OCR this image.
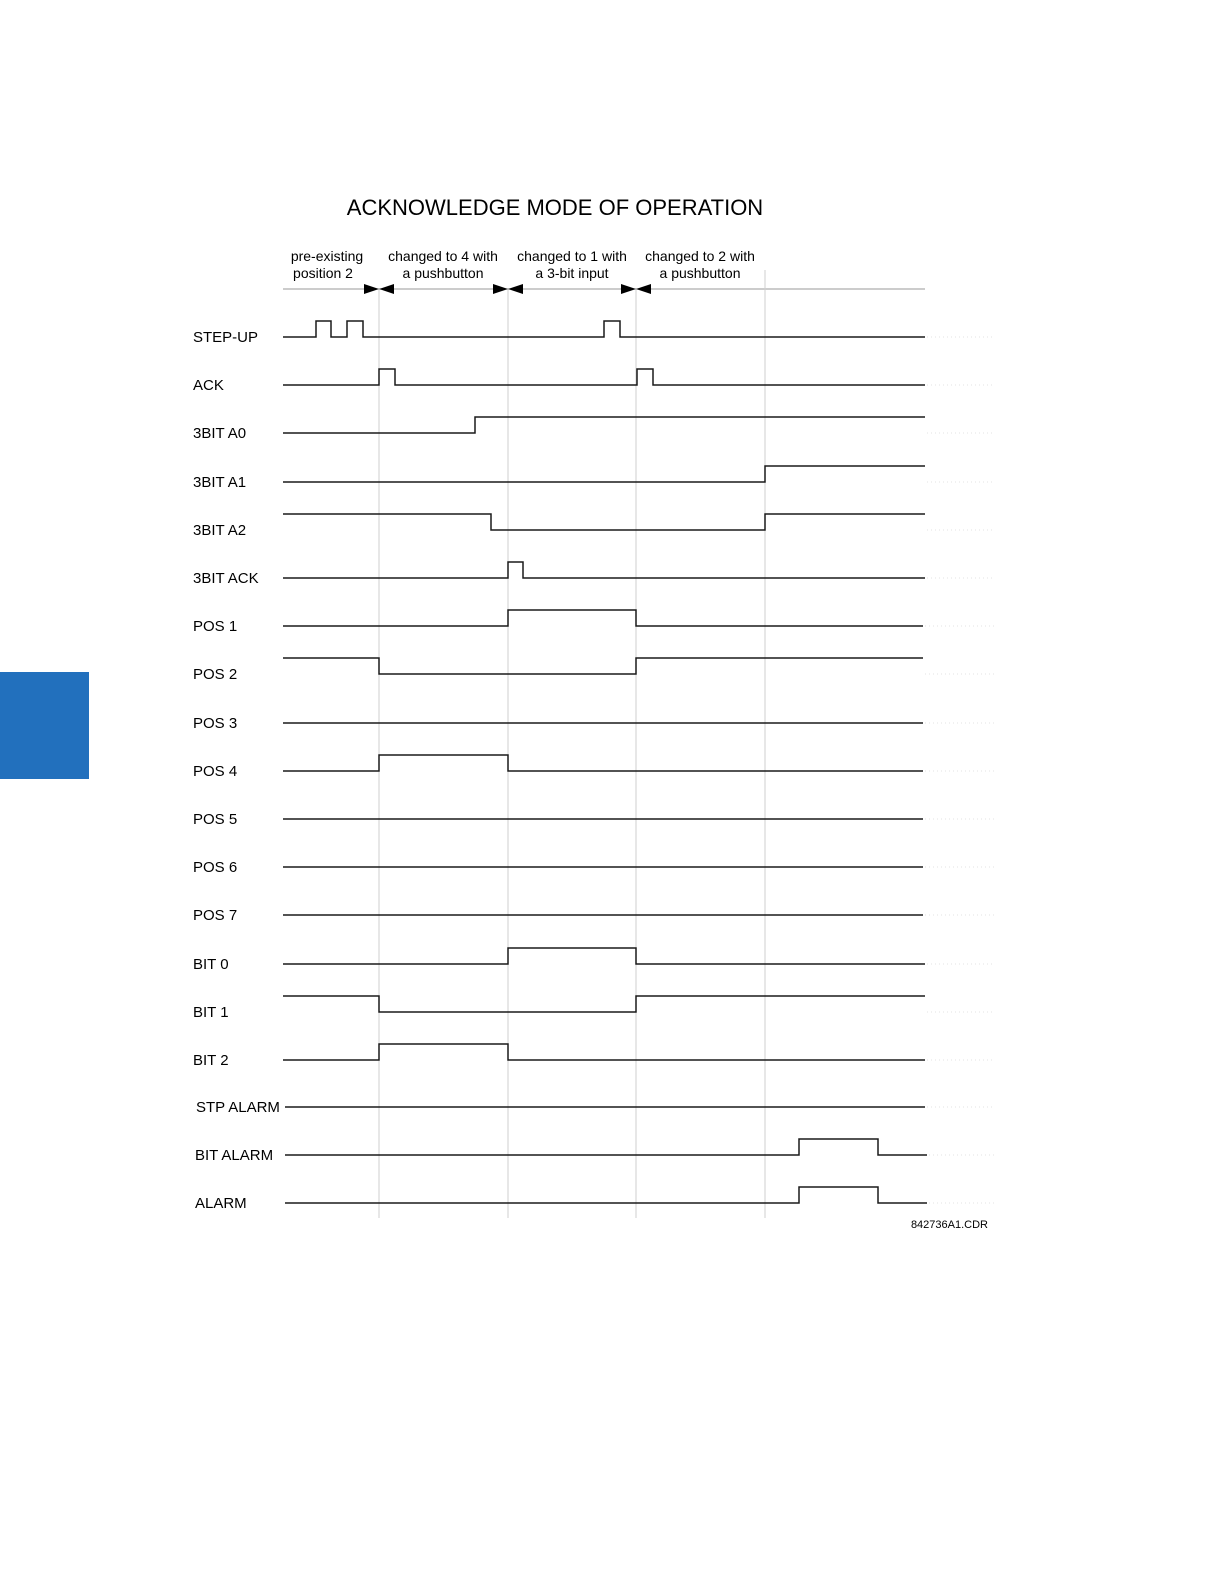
ACKNOWLEDGE MODE OF OPERATION
pre-existing
position 2
changed to 4 with
a pushbutton
changed to 1 with
a 3-bit input
changed to 2 with
a pushbutton
STEP-UP
ACK
3BIT A0
3BIT A1
3BIT A2
3BIT ACK
POS 1
POS 2
POS 3
POS 4
POS 5
POS 6
POS 7
BIT 0
BIT 1
BIT 2
STP ALARM
BIT ALARM
ALARM
842736A1.CDR
